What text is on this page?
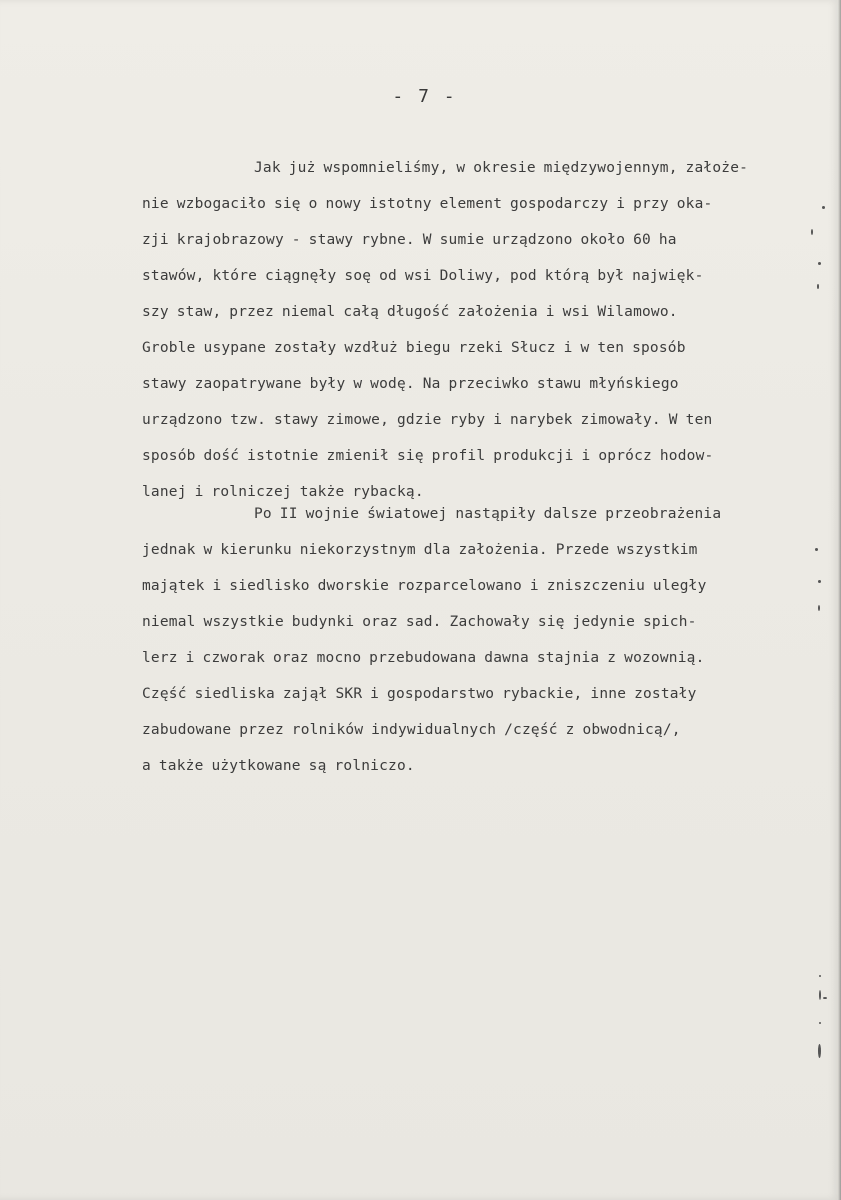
- 7 -
Jak już wspomnieliśmy, w okresie międzywojennym, założe-
nie wzbogaciło się o nowy istotny element gospodarczy i przy oka-
zji krajobrazowy - stawy rybne. W sumie urządzono około 60 ha
stawów, które ciągnęły soę od wsi Doliwy, pod którą był najwięk-
szy staw, przez niemal całą długość założenia i wsi Wilamowo.
Groble usypane zostały wzdłuż biegu rzeki Słucz i w ten sposób
stawy zaopatrywane były w wodę. Na przeciwko stawu młyńskiego
urządzono tzw. stawy zimowe, gdzie ryby i narybek zimowały. W ten
sposób dość istotnie zmienił się profil produkcji i oprócz hodow-
lanej i rolniczej także rybacką.
Po II wojnie światowej nastąpiły dalsze przeobrażenia
jednak w kierunku niekorzystnym dla założenia. Przede wszystkim
majątek i siedlisko dworskie rozparcelowano i zniszczeniu uległy
niemal wszystkie budynki oraz sad. Zachowały się jedynie spich-
lerz i czworak oraz mocno przebudowana dawna stajnia z wozownią.
Część siedliska zajął SKR i gospodarstwo rybackie, inne zostały
zabudowane przez rolników indywidualnych /część z obwodnicą/,
a także użytkowane są rolniczo.
